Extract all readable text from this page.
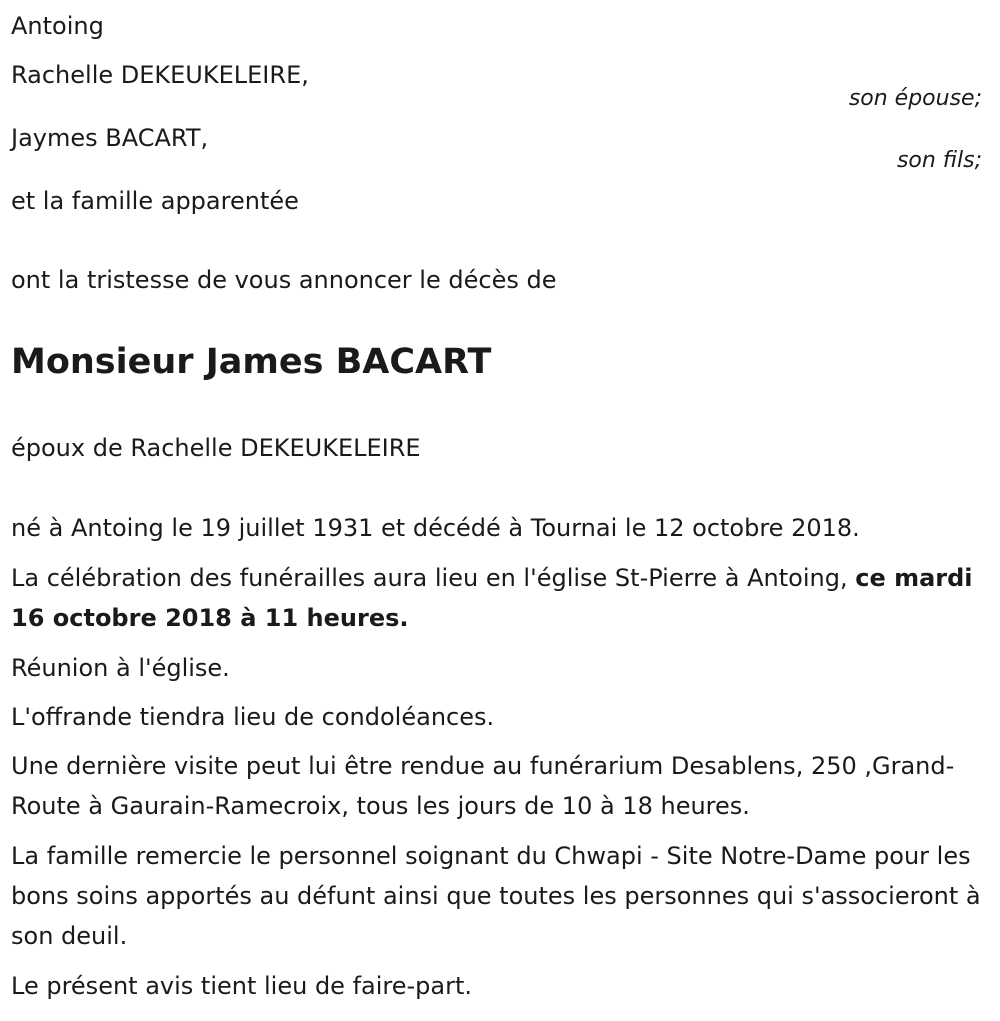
Antoing
Rachelle DEKEUKELEIRE,
son épouse;
Jaymes BACART,
son fils;
et la famille apparentée
ont la tristesse de vous annoncer le décès de
Monsieur James BACART
époux de Rachelle DEKEUKELEIRE
né à Antoing le 19 juillet 1931 et décédé à Tournai le 12 octobre 2018.
La célébration des funérailles aura lieu en l'église St-Pierre à Antoing, ce mardi 16 octobre 2018 à 11 heures.
Réunion à l'église.
L'offrande tiendra lieu de condoléances.
Une dernière visite peut lui être rendue au funérarium Desablens, 250 ,Grand-Route à Gaurain-Ramecroix, tous les jours de 10 à 18 heures.
La famille remercie le personnel soignant du Chwapi - Site Notre-Dame pour les bons soins apportés au défunt ainsi que toutes les personnes qui s'associeront à son deuil.
Le présent avis tient lieu de faire-part.
